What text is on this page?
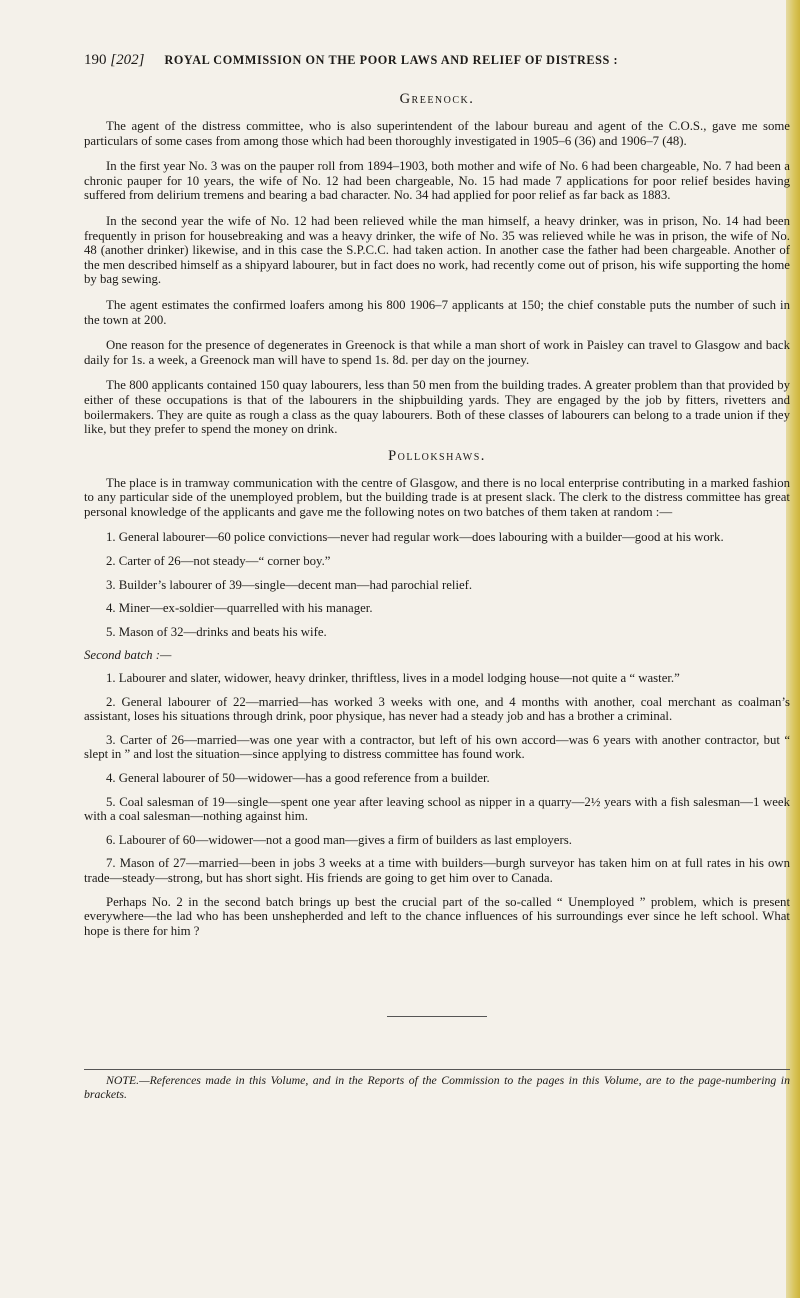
190 [202] ROYAL COMMISSION ON THE POOR LAWS AND RELIEF OF DISTRESS :
Greenock.

The agent of the distress committee, who is also superintendent of the labour bureau and agent of the C.O.S., gave me some particulars of some cases from among those which had been thoroughly investigated in 1905–6 (36) and 1906–7 (48).

In the first year No. 3 was on the pauper roll from 1894–1903, both mother and wife of No. 6 had been chargeable, No. 7 had been a chronic pauper for 10 years, the wife of No. 12 had been chargeable, No. 15 had made 7 applications for poor relief besides having suffered from delirium tremens and bearing a bad character. No. 34 had applied for poor relief as far back as 1883.

In the second year the wife of No. 12 had been relieved while the man himself, a heavy drinker, was in prison, No. 14 had been frequently in prison for housebreaking and was a heavy drinker, the wife of No. 35 was relieved while he was in prison, the wife of No. 48 (another drinker) likewise, and in this case the S.P.C.C. had taken action. In another case the father had been chargeable. Another of the men described himself as a shipyard labourer, but in fact does no work, had recently come out of prison, his wife supporting the home by bag sewing.

The agent estimates the confirmed loafers among his 800 1906–7 applicants at 150; the chief constable puts the number of such in the town at 200.

One reason for the presence of degenerates in Greenock is that while a man short of work in Paisley can travel to Glasgow and back daily for 1s. a week, a Greenock man will have to spend 1s. 8d. per day on the journey.

The 800 applicants contained 150 quay labourers, less than 50 men from the building trades. A greater problem than that provided by either of these occupations is that of the labourers in the shipbuilding yards. They are engaged by the job by fitters, rivetters and boilermakers. They are quite as rough a class as the quay labourers. Both of these classes of labourers can belong to a trade union if they like, but they prefer to spend the money on drink.

Pollokshaws.

The place is in tramway communication with the centre of Glasgow, and there is no local enterprise contributing in a marked fashion to any particular side of the unemployed problem, but the building trade is at present slack. The clerk to the distress committee has great personal knowledge of the applicants and gave me the following notes on two batches of them taken at random :—

1. General labourer—60 police convictions—never had regular work—does labouring with a builder—good at his work.

2. Carter of 26—not steady—“ corner boy.”

3. Builder’s labourer of 39—single—decent man—had parochial relief.

4. Miner—ex-soldier—quarrelled with his manager.

5. Mason of 32—drinks and beats his wife.

Second batch :—

1. Labourer and slater, widower, heavy drinker, thriftless, lives in a model lodging house—not quite a “ waster.”

2. General labourer of 22—married—has worked 3 weeks with one, and 4 months with another, coal merchant as coalman’s assistant, loses his situations through drink, poor physique, has never had a steady job and has a brother a criminal.

3. Carter of 26—married—was one year with a contractor, but left of his own accord—was 6 years with another contractor, but “ slept in ” and lost the situation—since applying to distress committee has found work.

4. General labourer of 50—widower—has a good reference from a builder.

5. Coal salesman of 19—single—spent one year after leaving school as nipper in a quarry—2½ years with a fish salesman—1 week with a coal salesman—nothing against him.

6. Labourer of 60—widower—not a good man—gives a firm of builders as last employers.

7. Mason of 27—married—been in jobs 3 weeks at a time with builders—burgh surveyor has taken him on at full rates in his own trade—steady—strong, but has short sight. His friends are going to get him over to Canada.

Perhaps No. 2 in the second batch brings up best the crucial part of the so-called “ Unemployed ” problem, which is present everywhere—the lad who has been unshepherded and left to the chance influences of his surroundings ever since he left school. What hope is there for him ?

NOTE.—References made in this Volume, and in the Reports of the Commission to the pages in this Volume, are to the page-numbering in brackets.
